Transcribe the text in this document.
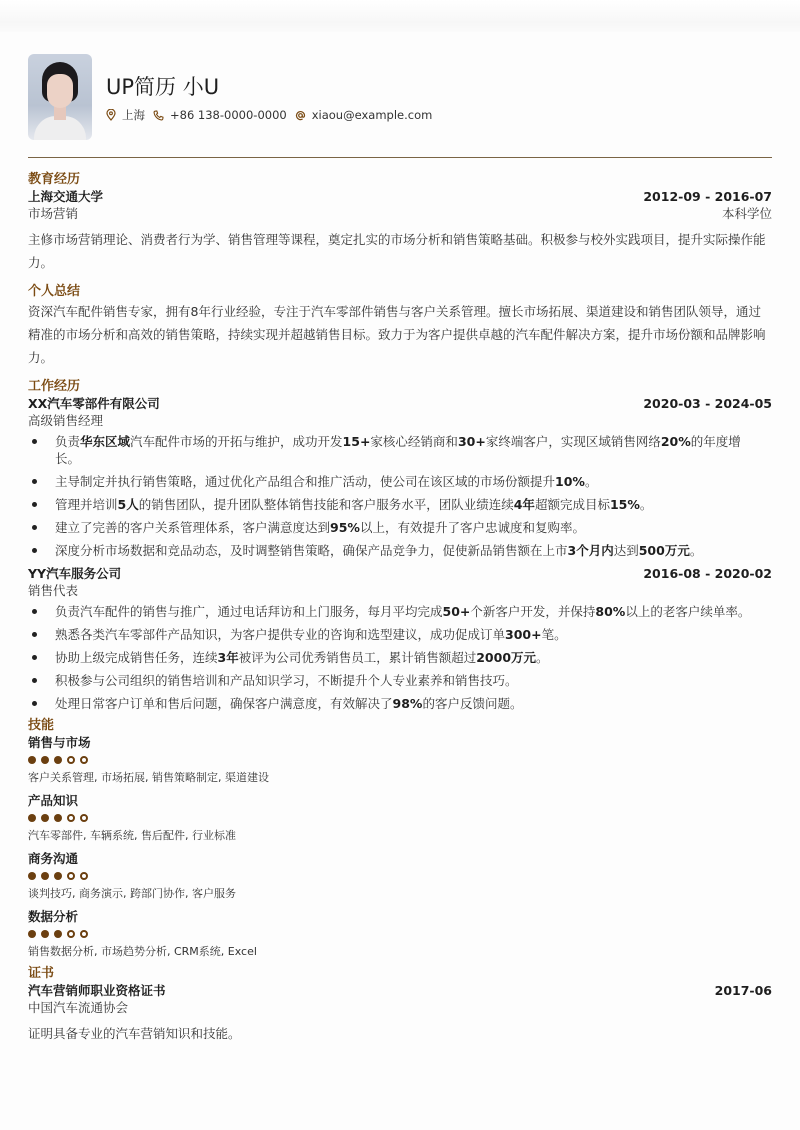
UP简历 小U
上海 +86 138-0000-0000 xiaou@example.com
教育经历
上海交通大学	2012-09 - 2016-07
市场营销	本科学位
主修市场营销理论、消费者行为学、销售管理等课程，奠定扎实的市场分析和销售策略基础。积极参与校外实践项目，提升实际操作能力。
个人总结
资深汽车配件销售专家，拥有8年行业经验，专注于汽车零部件销售与客户关系管理。擅长市场拓展、渠道建设和销售团队领导，通过精准的市场分析和高效的销售策略，持续实现并超越销售目标。致力于为客户提供卓越的汽车配件解决方案，提升市场份额和品牌影响力。
工作经历
XX汽车零部件有限公司	2020-03 - 2024-05
高级销售经理
负责华东区域汽车配件市场的开拓与维护，成功开发15+家核心经销商和30+家终端客户，实现区域销售网络20%的年度增长。
主导制定并执行销售策略，通过优化产品组合和推广活动，使公司在该区域的市场份额提升10%。
管理并培训5人的销售团队，提升团队整体销售技能和客户服务水平，团队业绩连续4年超额完成目标15%。
建立了完善的客户关系管理体系，客户满意度达到95%以上，有效提升了客户忠诚度和复购率。
深度分析市场数据和竞品动态，及时调整销售策略，确保产品竞争力，促使新品销售额在上市3个月内达到500万元。
YY汽车服务公司	2016-08 - 2020-02
销售代表
负责汽车配件的销售与推广，通过电话拜访和上门服务，每月平均完成50+个新客户开发，并保持80%以上的老客户续单率。
熟悉各类汽车零部件产品知识，为客户提供专业的咨询和选型建议，成功促成订单300+笔。
协助上级完成销售任务，连续3年被评为公司优秀销售员工，累计销售额超过2000万元。
积极参与公司组织的销售培训和产品知识学习，不断提升个人专业素养和销售技巧。
处理日常客户订单和售后问题，确保客户满意度，有效解决了98%的客户反馈问题。
技能
销售与市场
客户关系管理, 市场拓展, 销售策略制定, 渠道建设
产品知识
汽车零部件, 车辆系统, 售后配件, 行业标准
商务沟通
谈判技巧, 商务演示, 跨部门协作, 客户服务
数据分析
销售数据分析, 市场趋势分析, CRM系统, Excel
证书
汽车营销师职业资格证书	2017-06
中国汽车流通协会
证明具备专业的汽车营销知识和技能。
